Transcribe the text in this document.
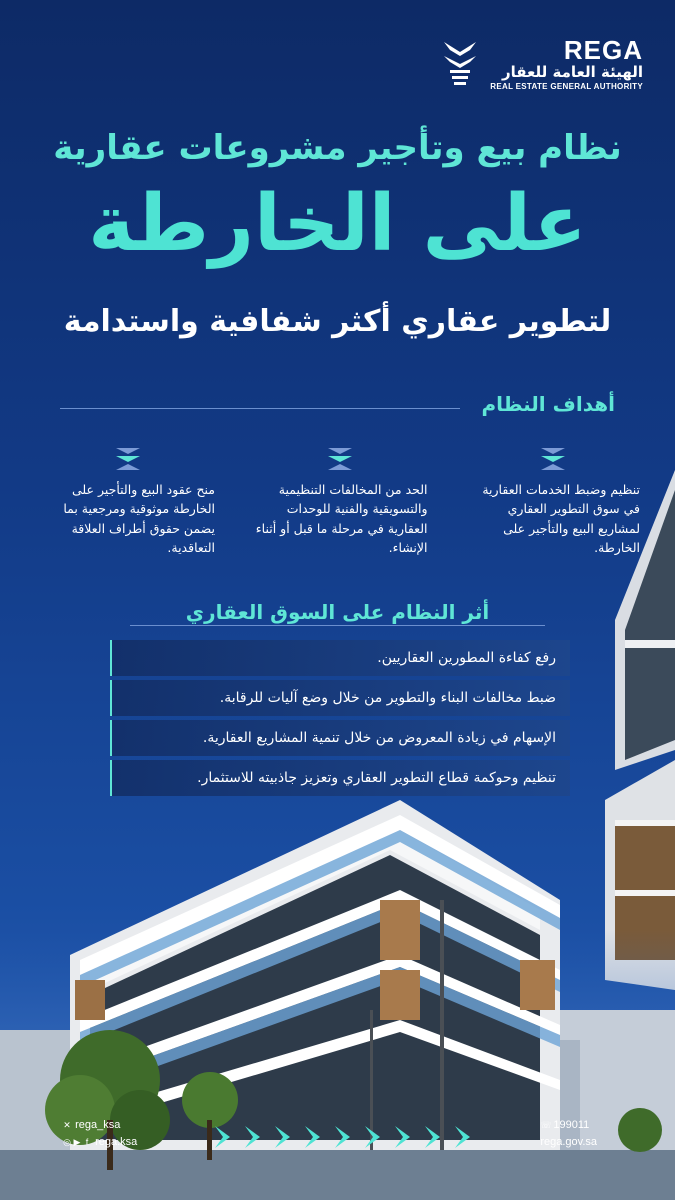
REGA
الهيئة العامة للعقار
REAL ESTATE GENERAL AUTHORITY
نظام بيع وتأجير مشروعات عقارية
على الخارطة
لتطوير عقاري أكثر شفافية واستدامة
أهداف النظام

تنظيم وضبط الخدمات العقارية في سوق التطوير العقاري لمشاريع البيع والتأجير على الخارطة.

الحد من المخالفات التنظيمية والتسويقية والفنية للوحدات العقارية في مرحلة ما قبل أو أثناء الإنشاء.

منح عقود البيع والتأجير على الخارطة موثوقية ومرجعية بما يضمن حقوق أطراف العلاقة التعاقدية.

أثر النظام على السوق العقاري
رفع كفاءة المطورين العقاريين.
ضبط مخالفات البناء والتطوير من خلال وضع آليات للرقابة.
الإسهام في زيادة المعروض من خلال تنمية المشاريع العقارية.
تنظيم وحوكمة قطاع التطوير العقاري وتعزيز جاذبيته للاستثمار.
✕ rega_ksa
◎ ▶ f rega.ksa
☏ 199011
rega.gov.sa
